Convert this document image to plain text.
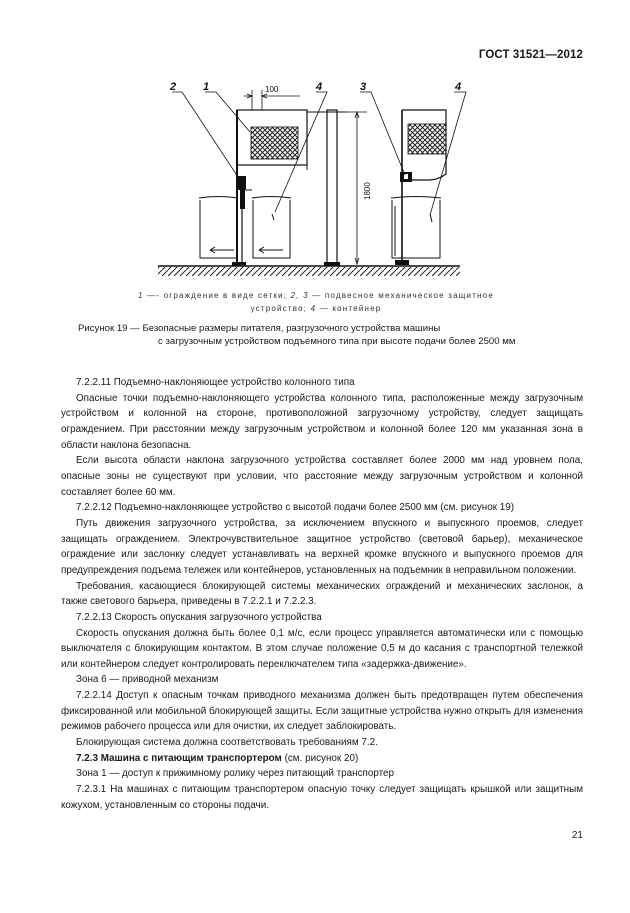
ГОСТ 31521—2012
1800
100
2 1	4	3	4
1 —- ограждение в виде сетки; 2, 3 — подвесное механическое защитное
устройство; 4 — контейнер
Рисунок 19 — Безопасные размеры питателя, разгрузочного устройства машины
с загрузочным устройством подъемного типа при высоте подачи более 2500 мм

7.2.2.11 Подъемно-наклоняющее устройство колонного типа

Опасные точки подъемно-наклоняющего устройства колонного типа, расположенные между загрузочным устройством и колонной на стороне, противоположной загрузочному устройству, следует защищать ограждением. При расстоянии между загрузочным устройством и колонной более 120 мм указанная зона в области наклона безопасна.

Если высота области наклона загрузочного устройства составляет более 2000 мм над уровнем пола, опасные зоны не существуют при условии, что расстояние между загрузочным устройством и колонной составляет более 60 мм.

7.2.2.12 Подъемно-наклоняющее устройство с высотой подачи более 2500 мм (см. рисунок 19)

Путь движения загрузочного устройства, за исключением впускного и выпускного проемов, следует защищать ограждением. Электрочувствительное защитное устройство (световой барьер), механическое ограждение или заслонку следует устанавливать на верхней кромке впускного и выпускного проемов для предупреждения подъема тележек или контейнеров, установленных на подъемник в неправильном положении.

Требования, касающиеся блокирующей системы механических ограждений и механических заслонок, а также светового барьера, приведены в 7.2.2.1 и 7.2.2.3.

7.2.2.13 Скорость опускания загрузочного устройства

Скорость опускания должна быть более 0,1 м/с, если процесс управляется автоматически или с помощью выключателя с блокирующим контактом. В этом случае положение 0,5 м до касания с транспортной тележкой или контейнером следует контролировать переключателем типа «задержка-движение».

Зона 6 — приводной механизм

7.2.2.14 Доступ к опасным точкам приводного механизма должен быть предотвращен путем обеспечения фиксированной или мобильной блокирующей защиты. Если защитные устройства нужно открыть для изменения режимов рабочего процесса или для очистки, их следует заблокировать.

Блокирующая система должна соответствовать требованиям 7.2.

7.2.3 Машина с питающим транспортером (см. рисунок 20)

Зона 1 — доступ к прижимному ролику через питающий транспортер

7.2.3.1 На машинах с питающим транспортером опасную точку следует защищать крышкой или защитным кожухом, установленным со стороны подачи.

21
